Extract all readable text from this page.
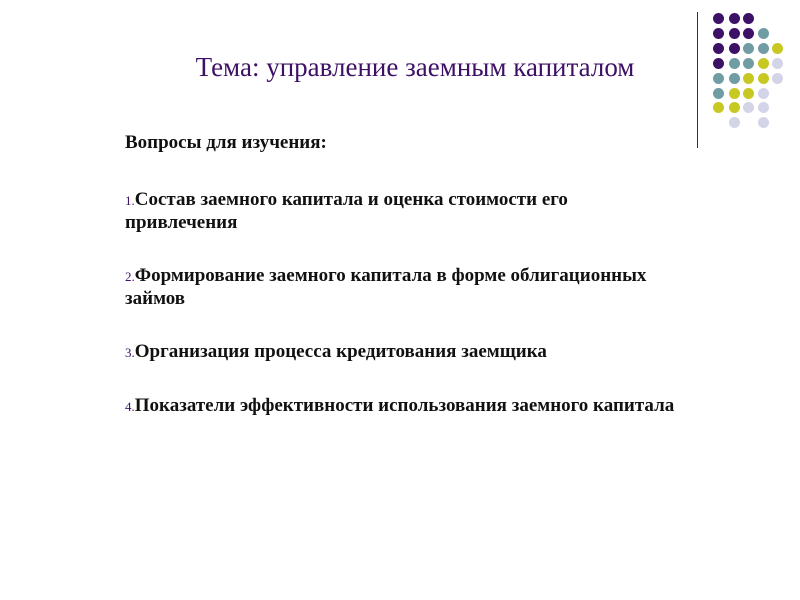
Тема: управление заемным капиталом
Вопросы для изучения:
1.Состав заемного капитала и оценка стоимости его привлечения
2.Формирование заемного капитала в форме облигационных займов
3.Организация процесса кредитования заемщика
4.Показатели эффективности использования заемного капитала
